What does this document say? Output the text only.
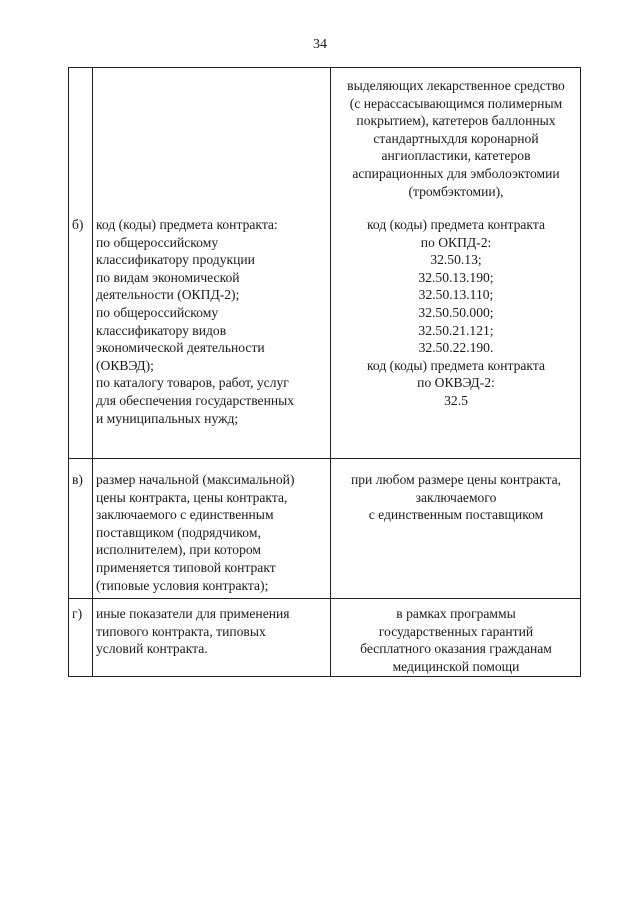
34
выделяющих лекарственное средство
(с нерассасывающимся полимерным
покрытием), катетеров баллонных
стандартныхдля коронарной
ангиопластики, катетеров
аспирационных для эмболоэктомии
(тромбэктомии),
б) код (коды) предмета контракта:
по общероссийскому
классификатору продукции
по видам экономической
деятельности (ОКПД-2);
по общероссийскому
классификатору видов
экономической деятельности
(ОКВЭД);
по каталогу товаров, работ, услуг
для обеспечения государственных
и муниципальных нужд;
код (коды) предмета контракта
по ОКПД-2:
32.50.13;
32.50.13.190;
32.50.13.110;
32.50.50.000;
32.50.21.121;
32.50.22.190.
код (коды) предмета контракта
по ОКВЭД-2:
32.5
в) размер начальной (максимальной)
цены контракта, цены контракта,
заключаемого с единственным
поставщиком (подрядчиком,
исполнителем), при котором
применяется типовой контракт
(типовые условия контракта);
при любом размере цены контракта,
заключаемого
с единственным поставщиком
г)	иные показатели для применения
типового контракта, типовых
условий контракта.
в рамках программы
государственных гарантий
бесплатного оказания гражданам
медицинской помощи
